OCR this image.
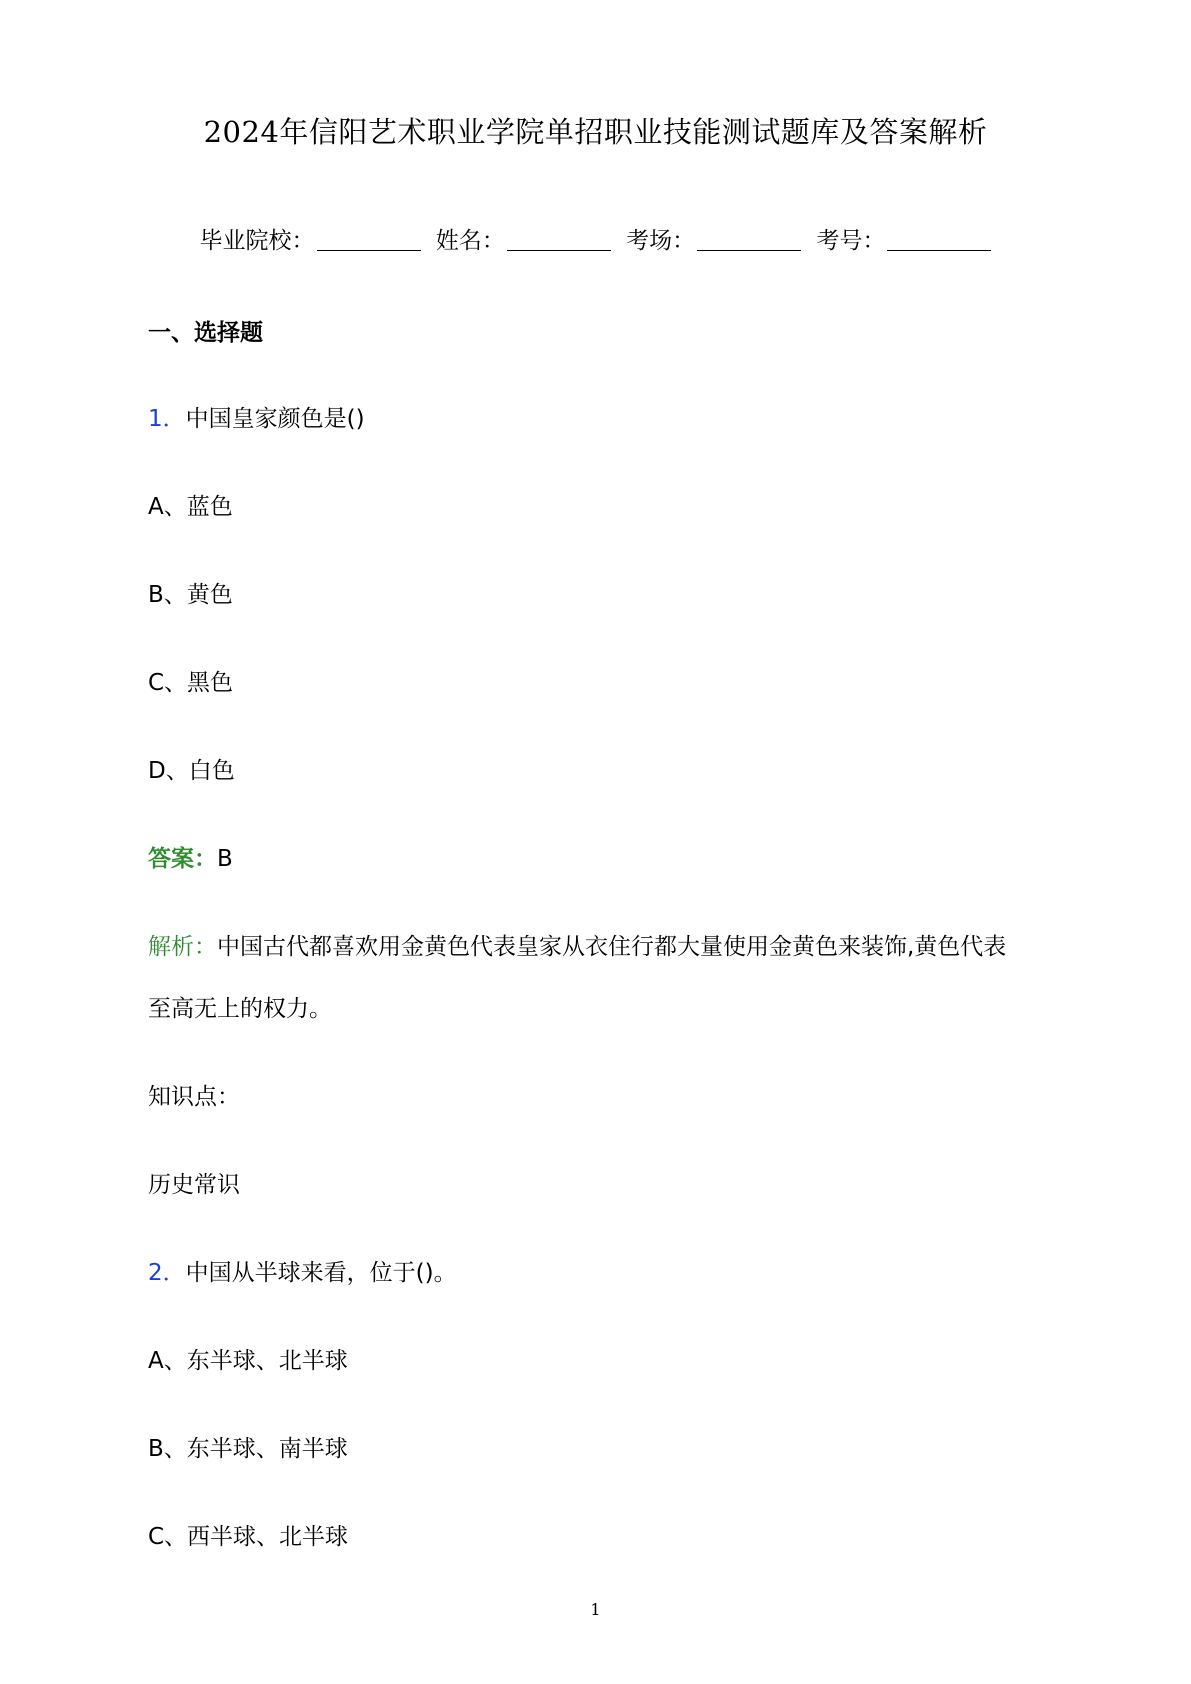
2024年信阳艺术职业学院单招职业技能测试题库及答案解析
毕业院校：	姓名：	考场：	考号：

一、选择题

1．中国皇家颜色是()

A、蓝色

B、黄色

C、黑色

D、白色

答案：B

解析：中国古代都喜欢用金黄色代表皇家从衣住行都大量使用金黄色来装饰,黄色代表

至高无上的权力。

知识点：

历史常识

2．中国从半球来看，位于()。

A、东半球、北半球

B、东半球、南半球

C、西半球、北半球

1
